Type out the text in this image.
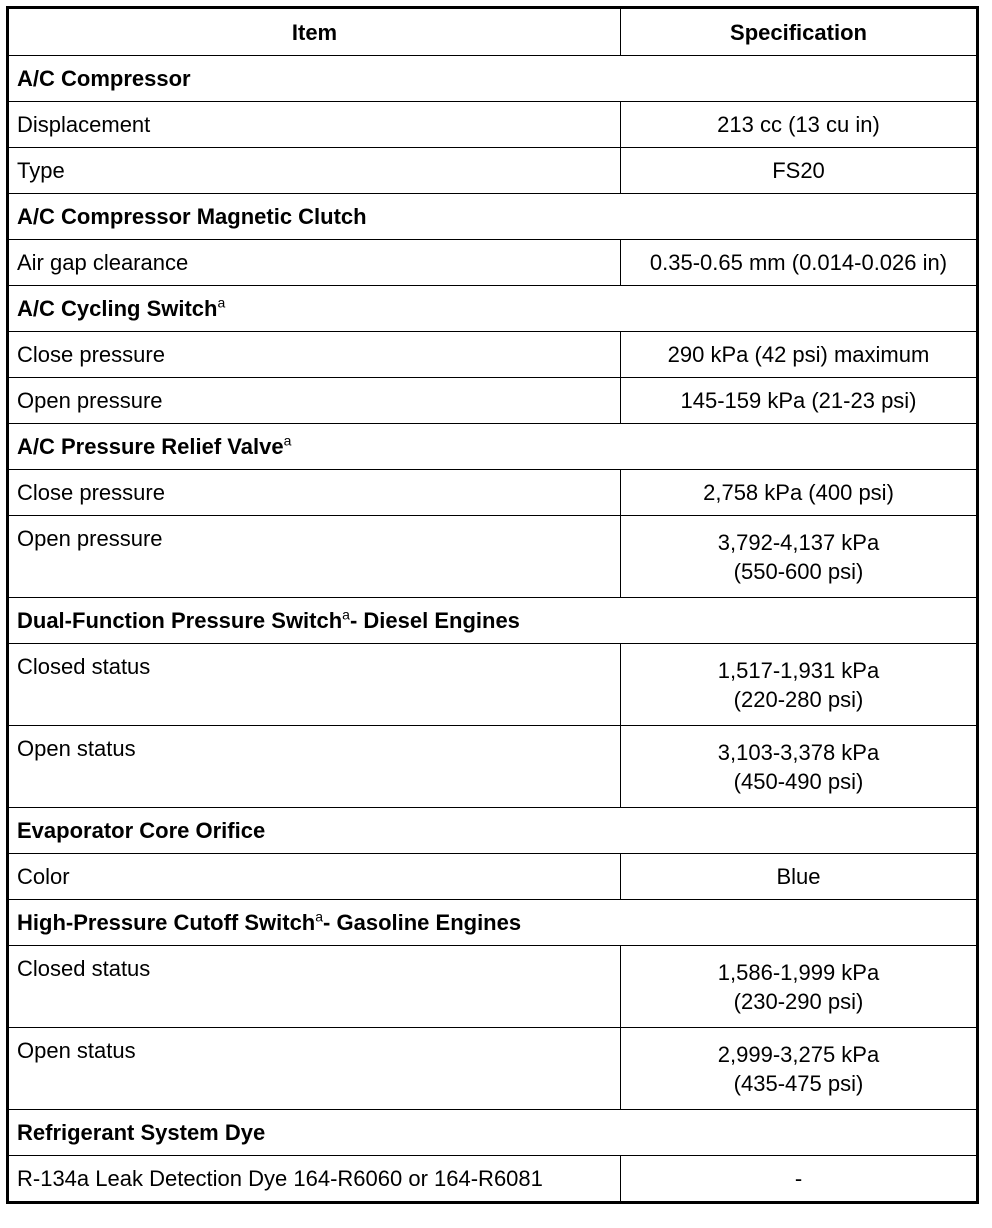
Item	Specification
A/C Compressor	
Displacement	213 cc (13 cu in)

Type	FS20

A/C Compressor Magnetic Clutch	
Air gap clearance	0.35-0.65 mm (0.014-0.026 in)

A/C Cycling Switch$^a$
Close pressure	290 kPa (42 psi) maximum

Open pressure	145-159 kPa (21-23 psi)

A/C Pressure Relief Valve$^a$
Close pressure	2,758 kPa (400 psi)

Open pressure	3,792-4,137 kPa
(550-600 psi)

Dual-Function Pressure Switch$^a$- Diesel Engines	
Closed status	1,517-1,931 kPa
(220-280 psi)

Open status	3,103-3,378 kPa
(450-490 psi)

Evaporator Core Orifice	
Color	Blue

High-Pressure Cutoff Switch$^a$- Gasoline Engines	
Closed status	1,586-1,999 kPa
(230-290 psi)

Open status	2,999-3,275 kPa
(435-475 psi)

Refrigerant System Dye	
R-134a Leak Detection Dye 164-R6060 or 164-R6081	-
